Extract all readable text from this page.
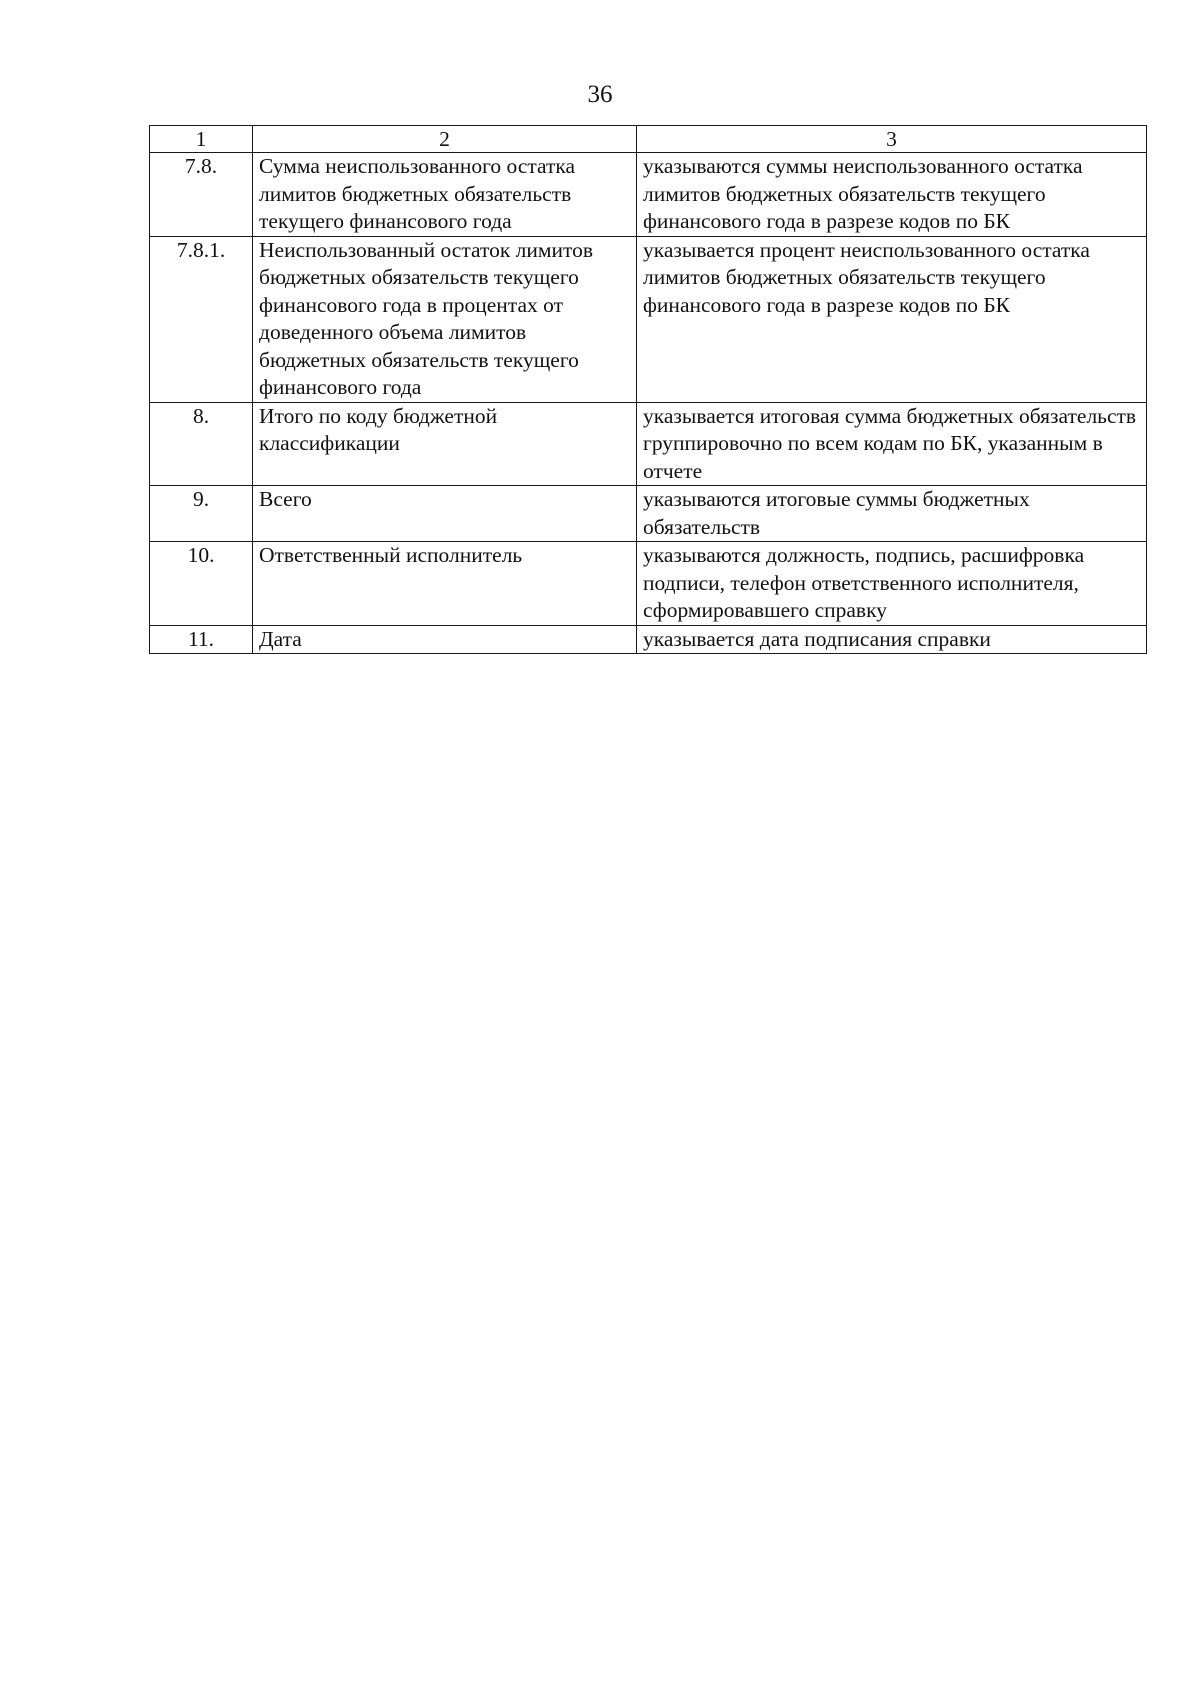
36
1	2	3
7.8.	Сумма неиспользованного остатка лимитов бюджетных обязательств текущего финансового года	указываются суммы неиспользованного остатка лимитов бюджетных обязательств текущего финансового года в разрезе кодов по БК
7.8.1.	Неиспользованный остаток лимитов бюджетных обязательств текущего финансового года в процентах от доведенного объема лимитов бюджетных обязательств текущего финансового года	указывается процент неиспользованного остатка лимитов бюджетных обязательств текущего финансового года в разрезе кодов по БК
8.	Итого по коду бюджетной классификации	указывается итоговая сумма бюджетных обязательств группировочно по всем кодам по БК, указанным в отчете
9.	Всего	указываются итоговые суммы бюджетных обязательств
10.	Ответственный исполнитель	указываются должность, подпись, расшифровка подписи, телефон ответственного исполнителя, сформировавшего справку
11.	Дата	указывается дата подписания справки
